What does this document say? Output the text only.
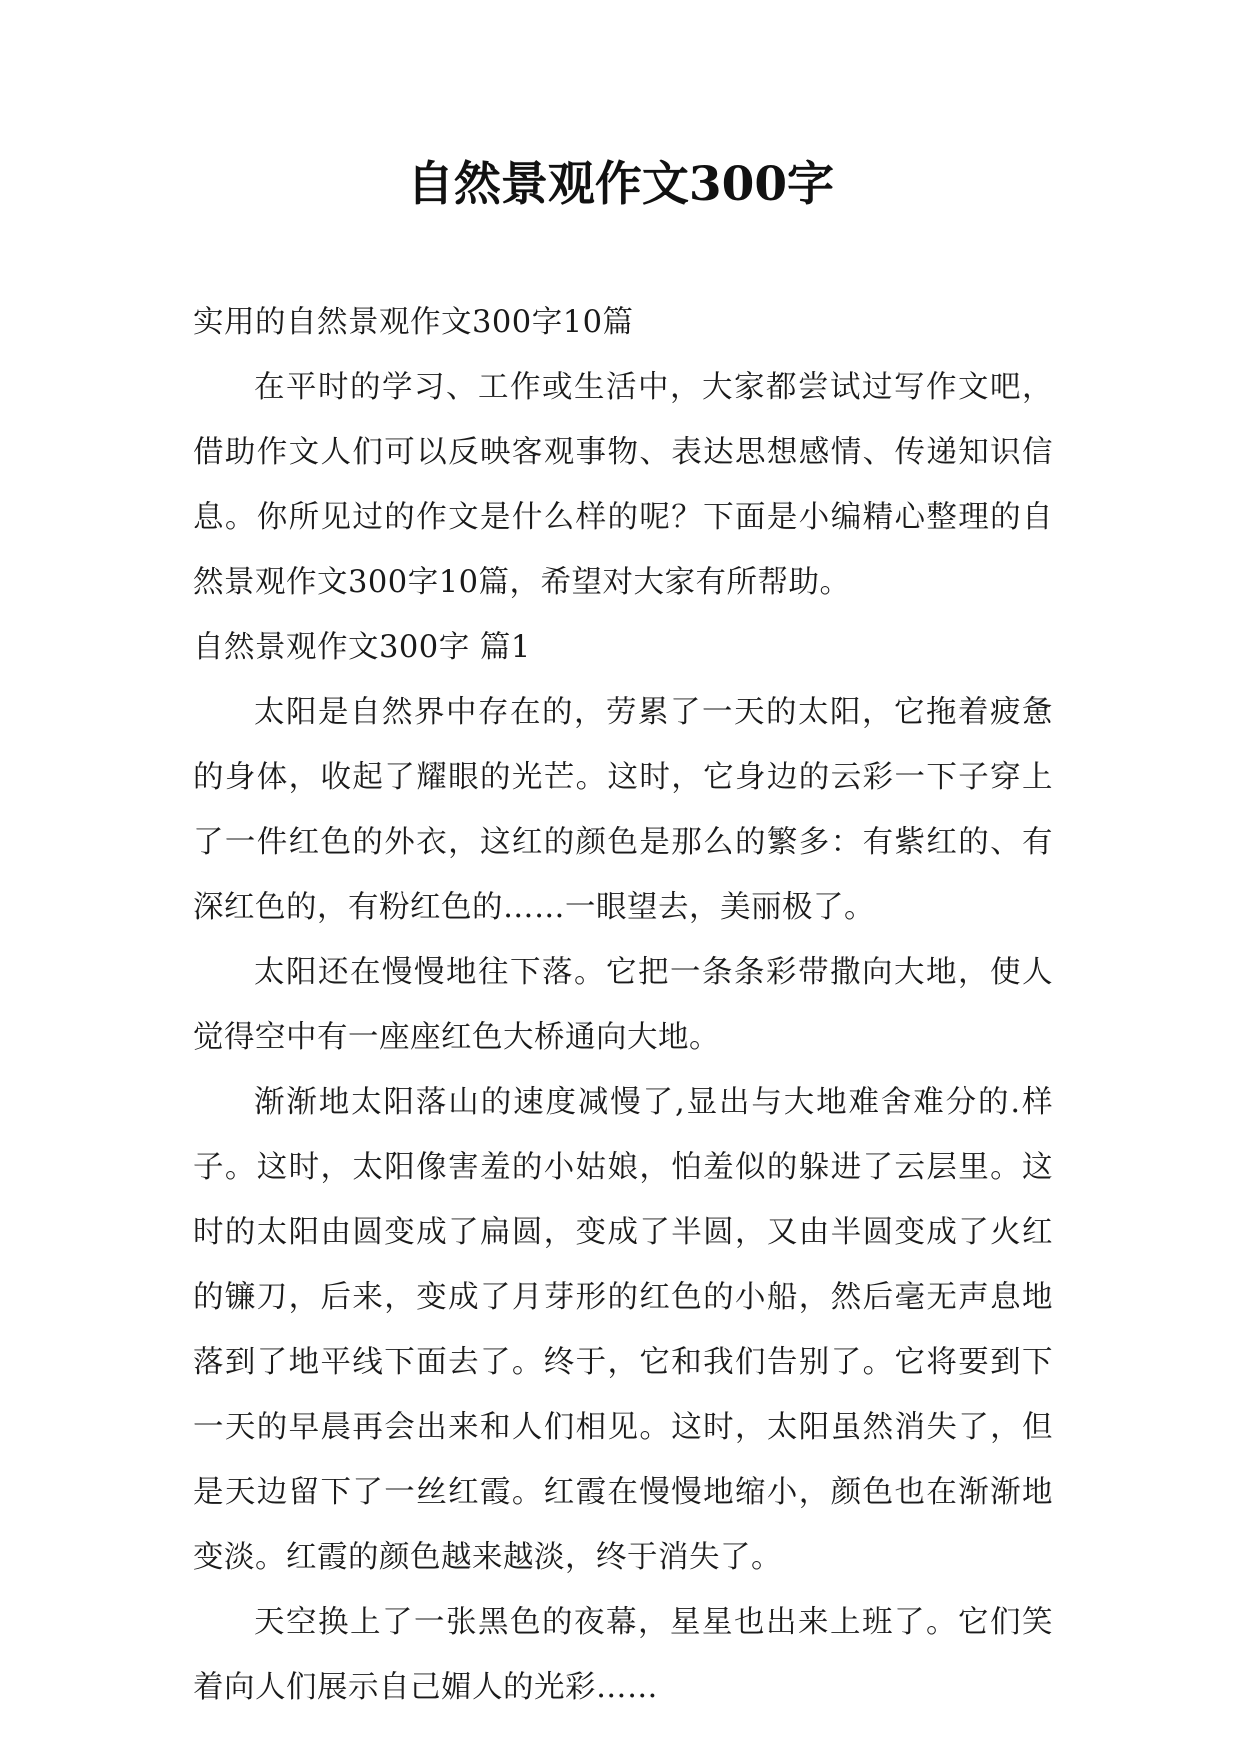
自然景观作文300字

实用的自然景观作文300字10篇

在平时的学习、工作或生活中，大家都尝试过写作文吧，借助作文人们可以反映客观事物、表达思想感情、传递知识信息。你所见过的作文是什么样的呢？下面是小编精心整理的自然景观作文300字10篇，希望对大家有所帮助。

自然景观作文300字 篇1

太阳是自然界中存在的，劳累了一天的太阳，它拖着疲惫的身体，收起了耀眼的光芒。这时，它身边的云彩一下子穿上了一件红色的外衣，这红的颜色是那么的繁多：有紫红的、有深红色的，有粉红色的……一眼望去，美丽极了。

太阳还在慢慢地往下落。它把一条条彩带撒向大地，使人觉得空中有一座座红色大桥通向大地。

渐渐地太阳落山的速度减慢了,显出与大地难舍难分的.样子。这时，太阳像害羞的小姑娘，怕羞似的躲进了云层里。这时的太阳由圆变成了扁圆，变成了半圆，又由半圆变成了火红的镰刀，后来，变成了月芽形的红色的小船，然后毫无声息地落到了地平线下面去了。终于，它和我们告别了。它将要到下一天的早晨再会出来和人们相见。这时，太阳虽然消失了，但是天边留下了一丝红霞。红霞在慢慢地缩小，颜色也在渐渐地变淡。红霞的颜色越来越淡，终于消失了。

天空换上了一张黑色的夜幕，星星也出来上班了。它们笑着向人们展示自己媚人的光彩……
